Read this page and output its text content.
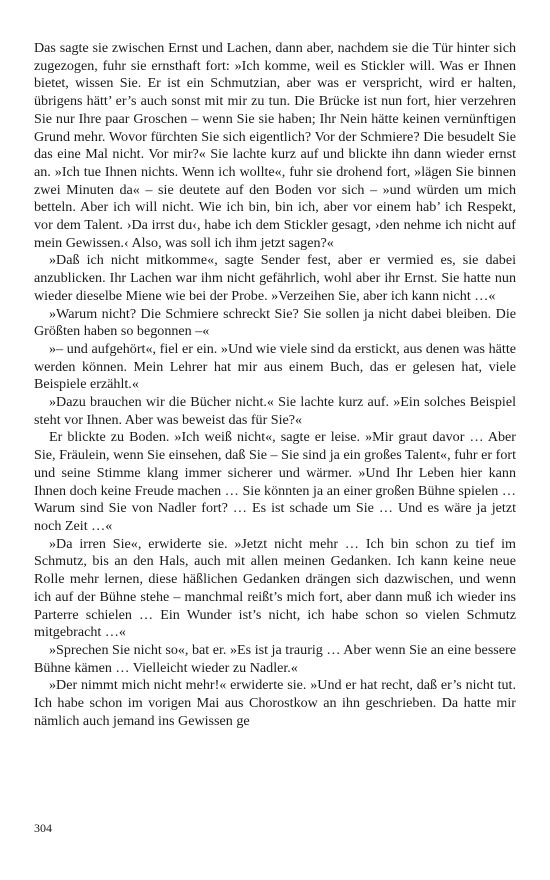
Das sagte sie zwischen Ernst und Lachen, dann aber, nachdem sie die Tür hinter sich zugezogen, fuhr sie ernsthaft fort: »Ich komme, weil es Stickler will. Was er Ihnen bietet, wissen Sie. Er ist ein Schmutzian, aber was er verspricht, wird er halten, übrigens hätt’ er’s auch sonst mit mir zu tun. Die Brücke ist nun fort, hier verzehren Sie nur Ihre paar Groschen – wenn Sie sie haben; Ihr Nein hätte keinen vernünftigen Grund mehr. Wovor fürchten Sie sich eigentlich? Vor der Schmiere? Die besudelt Sie das eine Mal nicht. Vor mir?« Sie lachte kurz auf und blickte ihn dann wieder ernst an. »Ich tue Ihnen nichts. Wenn ich wollte«, fuhr sie drohend fort, »lägen Sie binnen zwei Minuten da« – sie deutete auf den Boden vor sich – »und würden um mich betteln. Aber ich will nicht. Wie ich bin, bin ich, aber vor einem hab’ ich Respekt, vor dem Talent. ›Da irrst du‹, habe ich dem Stickler gesagt, ›den nehme ich nicht auf mein Gewissen.‹ Also, was soll ich ihm jetzt sagen?«

»Daß ich nicht mitkomme«, sagte Sender fest, aber er vermied es, sie dabei anzublicken. Ihr Lachen war ihm nicht gefährlich, wohl aber ihr Ernst. Sie hatte nun wieder dieselbe Miene wie bei der Probe. »Verzeihen Sie, aber ich kann nicht …«

»Warum nicht? Die Schmiere schreckt Sie? Sie sollen ja nicht dabei bleiben. Die Größten haben so begonnen –«

»– und aufgehört«, fiel er ein. »Und wie viele sind da erstickt, aus denen was hätte werden können. Mein Lehrer hat mir aus einem Buch, das er gelesen hat, viele Beispiele erzählt.«

»Dazu brauchen wir die Bücher nicht.« Sie lachte kurz auf. »Ein solches Beispiel steht vor Ihnen. Aber was beweist das für Sie?«

Er blickte zu Boden. »Ich weiß nicht«, sagte er leise. »Mir graut davor … Aber Sie, Fräulein, wenn Sie einsehen, daß Sie – Sie sind ja ein großes Talent«, fuhr er fort und seine Stimme klang immer sicherer und wärmer. »Und Ihr Leben hier kann Ihnen doch keine Freude machen … Sie könnten ja an einer großen Bühne spielen … Warum sind Sie von Nadler fort? … Es ist schade um Sie … Und es wäre ja jetzt noch Zeit …«

»Da irren Sie«, erwiderte sie. »Jetzt nicht mehr … Ich bin schon zu tief im Schmutz, bis an den Hals, auch mit allen meinen Gedanken. Ich kann keine neue Rolle mehr lernen, diese häßlichen Gedanken drängen sich dazwischen, und wenn ich auf der Bühne stehe – manchmal reißt’s mich fort, aber dann muß ich wieder ins Parterre schielen … Ein Wunder ist’s nicht, ich habe schon so vielen Schmutz mitgebracht …«

»Sprechen Sie nicht so«, bat er. »Es ist ja traurig … Aber wenn Sie an eine bessere Bühne kämen … Vielleicht wieder zu Nadler.«

»Der nimmt mich nicht mehr!« erwiderte sie. »Und er hat recht, daß er’s nicht tut. Ich habe schon im vorigen Mai aus Chorostkow an ihn geschrieben. Da hatte mir nämlich auch jemand ins Gewissen ge

304
